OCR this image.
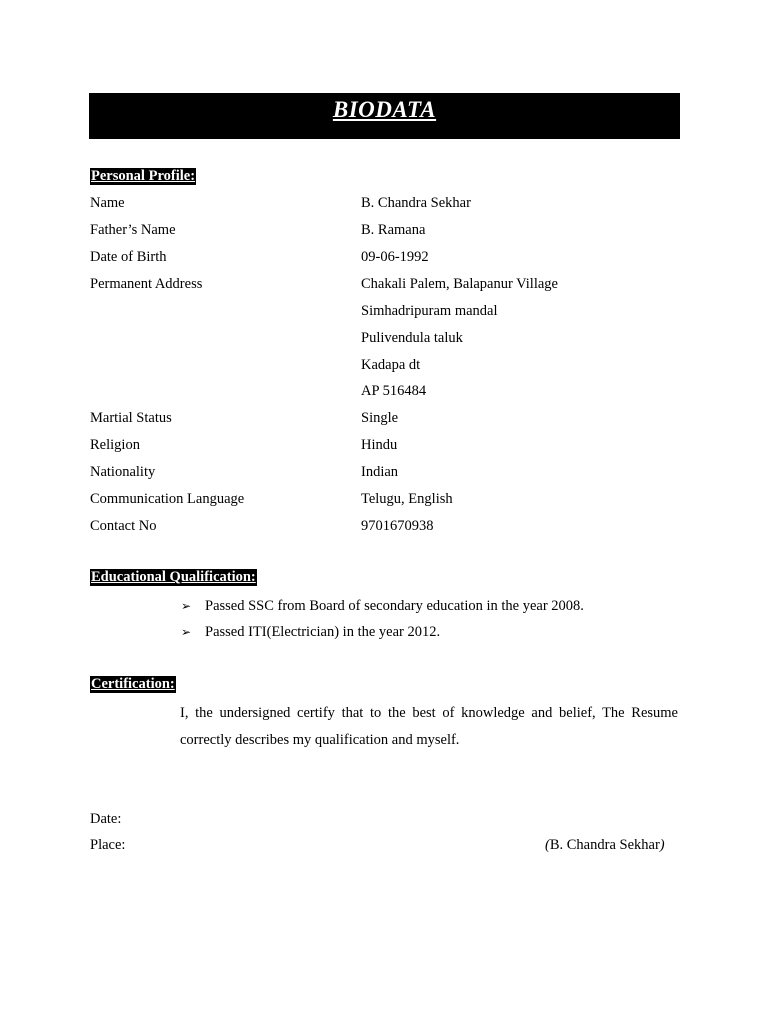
BIODATA
Personal Profile:
Name	B. Chandra Sekhar
Father’s Name	B. Ramana
Date of Birth	09-06-1992
Permanent Address	Chakali Palem, Balapanur Village
Simhadripuram mandal
Pulivendula taluk
Kadapa dt
AP 516484
Martial Status	Single
Religion	Hindu
Nationality	Indian
Communication Language	Telugu, English
Contact No	9701670938
Educational Qualification:
➢ Passed SSC from Board of secondary education in the year 2008.
➢ Passed ITI(Electrician) in the year 2012.
Certification:
I, the undersigned certify that to the best of knowledge and belief, The Resume correctly describes my qualification and myself.
Date:
Place:	(B. Chandra Sekhar)
